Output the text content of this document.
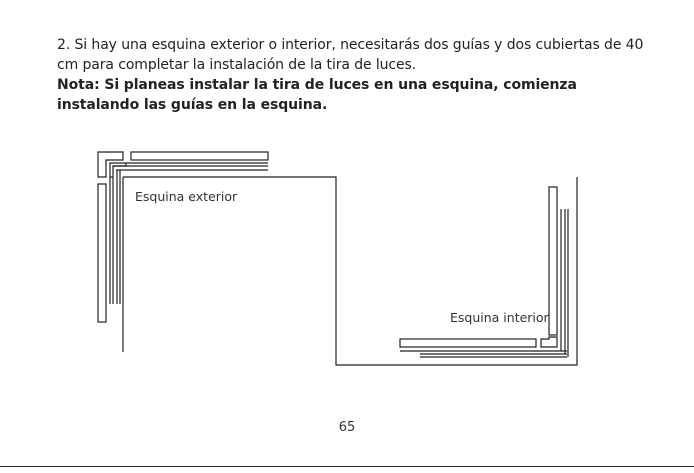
2. Si hay una esquina exterior o interior, necesitarás dos guías y dos cubiertas de 40 cm para completar la instalación de la tira de luces.

Nota: Si planeas instalar la tira de luces en una esquina, comienza instalando las guías en la esquina.

Esquina exterior
Esquina interior
65
